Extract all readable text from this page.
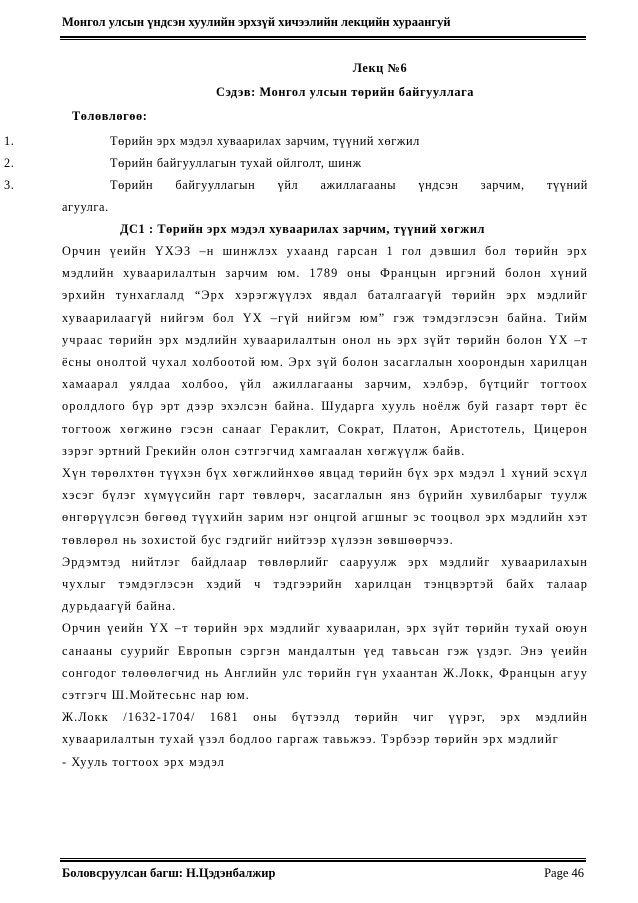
Монгол улсын үндсэн хуулийн эрхзүй хичээлийн лекцийн хураангуй
Лекц №6
Сэдэв: Монгол улсын төрийн байгууллага
Төлөвлөгөө:
1.	Төрийн эрх мэдэл хуваарилах зарчим, түүний хөгжил
2.	Төрийн байгууллагын тухай ойлголт, шинж
3.	Төрийн байгууллагын үйл ажиллагааны үндсэн зарчим, түүний
агуулга.
ДС1 : Төрийн эрх мэдэл хуваарилах зарчим, түүний хөгжил

Орчин үеийн ҮХЭЗ –н шинжлэх ухаанд гарсан 1 гол дэвшил бол төрийн эрх мэдлийн хуваарилалтын зарчим юм. 1789 оны Францын иргэний болон хүний эрхийн тунхаглалд “Эрх хэрэгжүүлэх явдал баталгаагүй төрийн эрх мэдлийг хуваарилаагүй нийгэм бол ҮХ –гүй нийгэм юм” гэж тэмдэглэсэн байна. Тийм учраас төрийн эрх мэдлийн хуваарилалтын онол нь эрх зүйт төрийн болон ҮХ –т ёсны онолтой чухал холбоотой юм. Эрх зүй болон засаглалын хоорондын харилцан хамаарал уялдаа холбоо, үйл ажиллагааны зарчим, хэлбэр, бүтцийг тогтоох оролдлого бүр эрт дээр эхэлсэн байна. Шударга хууль ноёлж буй газарт төрт ёс тогтоож хөгжинө гэсэн санааг Гераклит, Сократ, Платон, Аристотель, Цицерон зэрэг эртний Грекийн олон сэтгэгчид хамгаалан хөгжүүлж байв.

Хүн төрөлхтөн түүхэн бүх хөгжлийнхөө явцад төрийн бүх эрх мэдэл 1 хүний эсхүл хэсэг бүлэг хүмүүсийн гарт төвлөрч, засаглалын янз бүрийн хувилбарыг туулж өнгөрүүлсэн бөгөөд түүхийн зарим нэг онцгой агшныг эс тооцвол эрх мэдлийн хэт төвлөрөл нь зохистой бус гэдгийг нийтээр хүлээн зөвшөөрчээ.

Эрдэмтэд нийтлэг байдлаар төвлөрлийг сааруулж эрх мэдлийг хуваарилахын чухлыг тэмдэглэсэн хэдий ч тэдгээрийн харилцан тэнцвэртэй байх талаар дурьдаагүй байна.

Орчин үеийн ҮХ –т төрийн эрх мэдлийг хуваарилан, эрх зүйт төрийн тухай оюун санааны суурийг Европын сэргэн мандалтын үед тавьсан гэж үздэг. Энэ үеийн сонгодог төлөөлөгчид нь Английн улс төрийн гүн ухаантан Ж.Локк, Францын агуу сэтгэгч Ш.Мойтесьнс нар юм.

Ж.Локк /1632-1704/ 1681 оны бүтээлд төрийн чиг үүрэг, эрх мэдлийн хуваарилалтын тухай үзэл бодлоо гаргаж тавьжээ. Тэрбээр төрийн эрх мэдлийг

- Хууль тогтоох эрх мэдэл

Боловсруулсан багш: Н.Цэдэнбалжир	Page 46
